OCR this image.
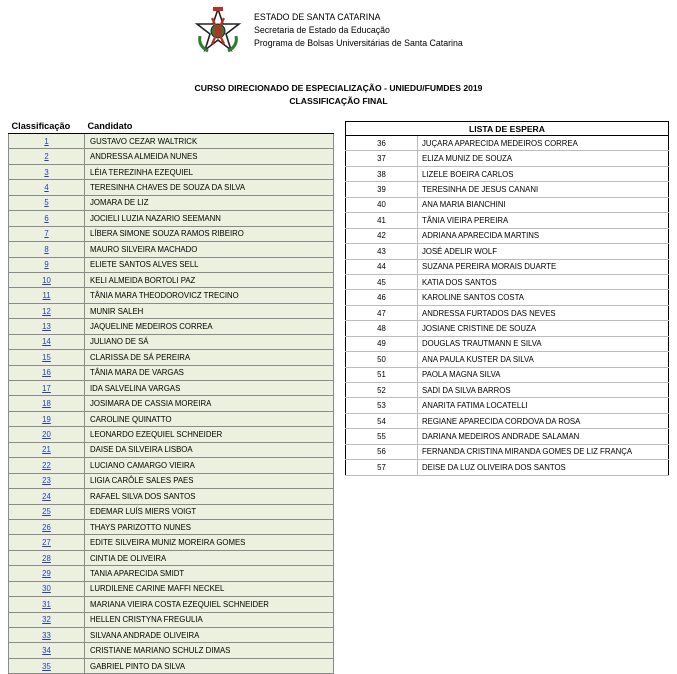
ESTADO DE SANTA CATARINA
Secretaria de Estado da Educação
Programa de Bolsas Universitárias de Santa Catarina
CURSO DIRECIONADO DE ESPECIALIZAÇÃO - UNIEDU/FUMDES 2019
CLASSIFICAÇÃO FINAL
Classificação	Candidato
1	GUSTAVO CEZAR WALTRICK
2	ANDRESSA ALMEIDA NUNES
3	LÉIA TEREZINHA EZEQUIEL
4	TERESINHA CHAVES DE SOUZA DA SILVA
5	JOMARA DE LIZ
6	JOCIELI LUZIA NAZARIO SEEMANN
7	LÍBERA SIMONE SOUZA RAMOS RIBEIRO
8	MAURO SILVEIRA MACHADO
9	ELIETE SANTOS ALVES SELL
10	KELI ALMEIDA BORTOLI PAZ
11	TÂNIA MARA THEODOROVICZ TRECINO
12	MUNIR SALEH
13	JAQUELINE MEDEIROS CORREA
14	JULIANO DE SÁ
15	CLARISSA DE SÁ PEREIRA
16	TÂNIA MARA DE VARGAS
17	IDA SALVELINA VARGAS
18	JOSIMARA DE CASSIA MOREIRA
19	CAROLINE QUINATTO
20	LEONARDO EZEQUIEL SCHNEIDER
21	DAISE DA SILVEIRA LISBOA
22	LUCIANO CAMARGO VIEIRA
23	LIGIA CARÔLE SALES PAES
24	RAFAEL SILVA DOS SANTOS
25	EDEMAR LUÍS MIERS VOIGT
26	THAYS PARIZOTTO NUNES
27	EDITE SILVEIRA MUNIZ MOREIRA GOMES
28	CINTIA DE OLIVEIRA
29	TANIA APARECIDA SMIDT
30	LURDILENE CARINE MAFFI NECKEL
31	MARIANA VIEIRA COSTA EZEQUIEL SCHNEIDER
32	HELLEN CRISTYNA FREGULIA
33	SILVANA ANDRADE OLIVEIRA
34	CRISTIANE MARIANO SCHULZ DIMAS
35	GABRIEL PINTO DA SILVA
LISTA DE ESPERA	
36	JUÇARA APARECIDA MEDEIROS CORREA
37	ELIZA MUNIZ DE SOUZA
38	LIZELE BOEIRA CARLOS
39	TERESINHA DE JESUS CANANI
40	ANA MARIA BIANCHINI
41	TÂNIA VIEIRA PEREIRA
42	ADRIANA APARECIDA MARTINS
43	JOSÉ ADELIR WOLF
44	SUZANA PEREIRA MORAIS DUARTE
45	KATIA DOS SANTOS
46	KAROLINE SANTOS COSTA
47	ANDRESSA FURTADOS DAS NEVES
48	JOSIANE CRISTINE DE SOUZA
49	DOUGLAS TRAUTMANN E SILVA
50	ANA PAULA KUSTER DA SILVA
51	PAOLA MAGNA SILVA
52	SADI DA SILVA BARROS
53	ANARITA FATIMA LOCATELLI
54	REGIANE APARECIDA CORDOVA DA ROSA
55	DARIANA MEDEIROS ANDRADE SALAMAN
56	FERNANDA CRISTINA MIRANDA GOMES DE LIZ FRANÇA
57	DEISE DA LUZ OLIVEIRA DOS SANTOS
